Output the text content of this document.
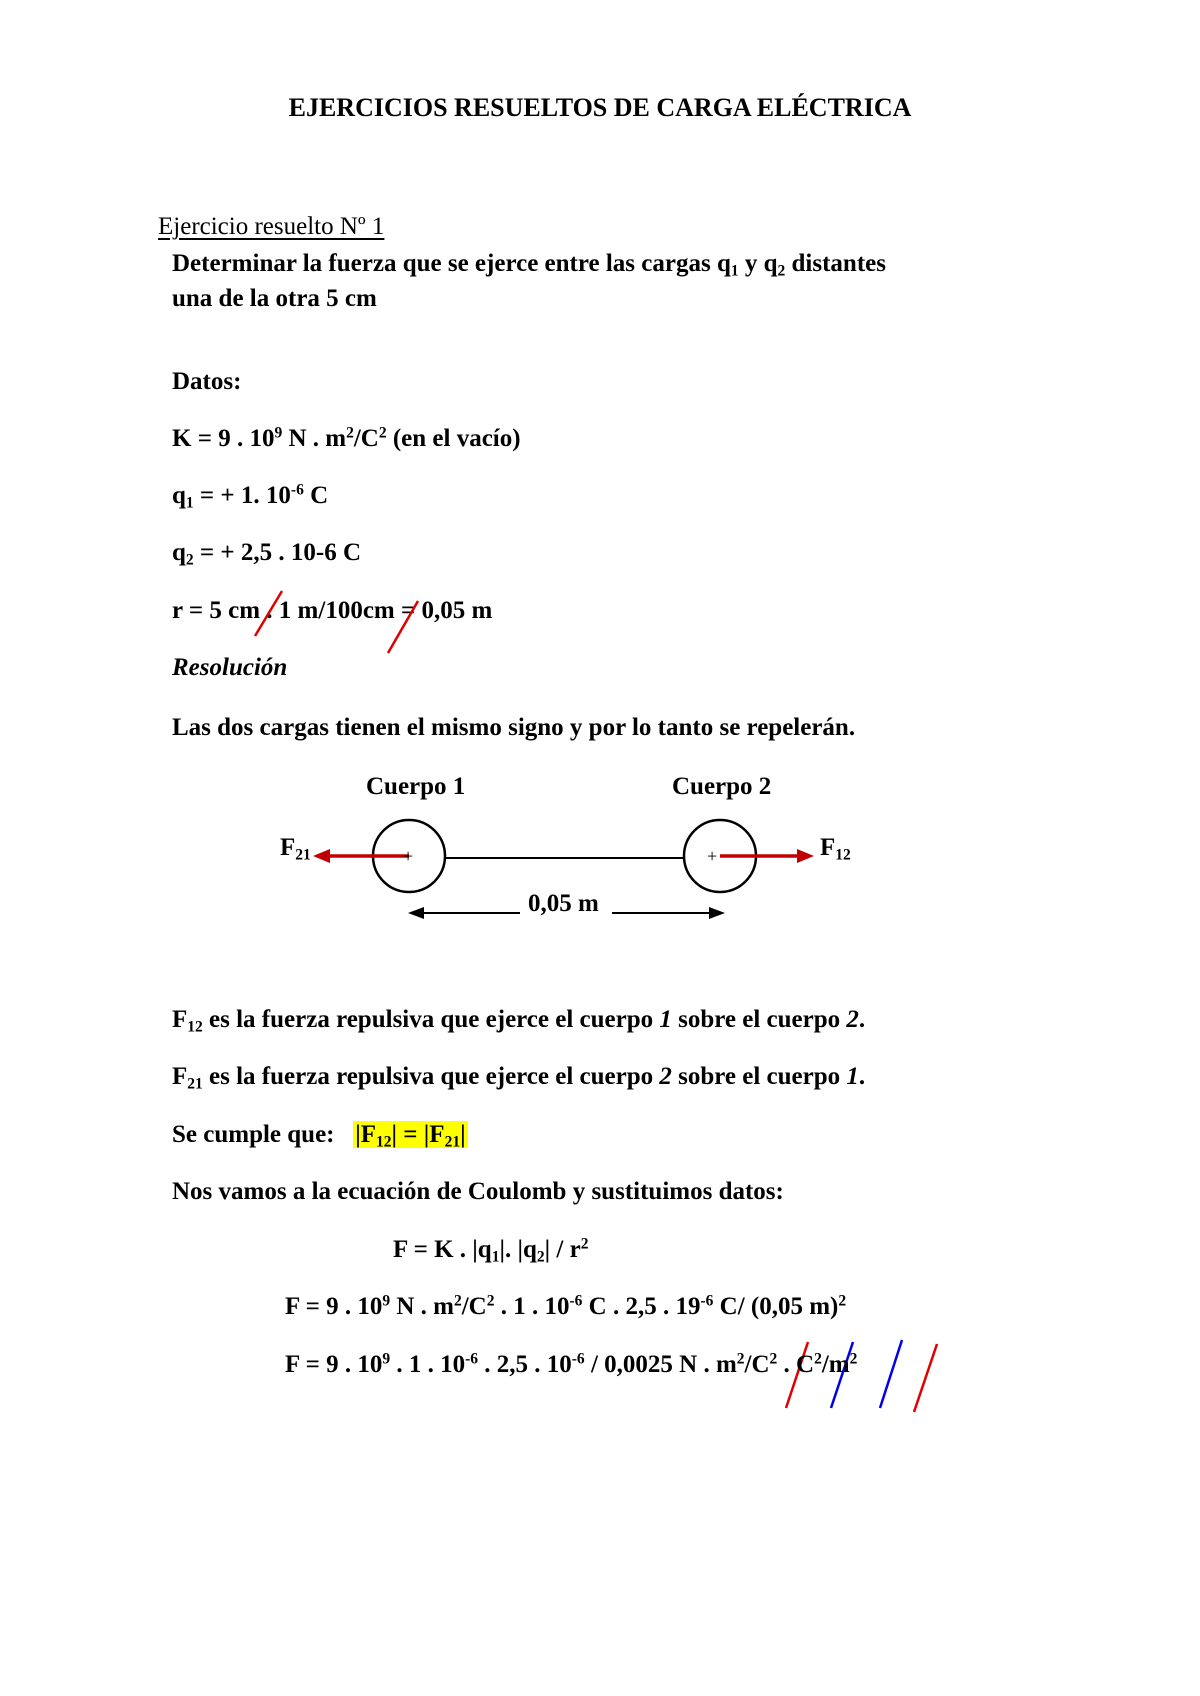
EJERCICIOS RESUELTOS DE CARGA ELÉCTRICA
Ejercicio resuelto Nº 1
Determinar la fuerza que se ejerce entre las cargas $q_1$ y $q_2$ distantes
una de la otra 5 cm
Datos:
K = 9 . $10^9$ N . $m^2/C^2$ (en el vacío)
$q_1$ = + 1. $10^{-6}$ C
$q_2$ = + 2,5 . 10-6 C
r = 5 cm . 1 m/100cm = 0,05 m
Resolución
Las dos cargas tienen el mismo signo y por lo tanto se repelerán.
Cuerpo 1	Cuerpo 2
+	+
$F_{21}$	$F_{12}$
0,05 m
$F_{12}$ es la fuerza repulsiva que ejerce el cuerpo 1 sobre el cuerpo 2.
$F_{21}$ es la fuerza repulsiva que ejerce el cuerpo 2 sobre el cuerpo 1.
Se cumple que: $|F_{12}| = |F_{21}|$
Nos vamos a la ecuación de Coulomb y sustituimos datos:
F = K . $|q_1|$. $|q_2| / r^2$
F = 9 . $10^9$ N . $m^2/C^2$ . 1 . $10^{-6}$ C . 2,5 . $19^{-6}$ C/ (0,05 m)$^2$
F = 9 . $10^9$ . 1 . $10^{-6}$ . 2,5 . $10^{-6} / 0,0025$ N . $m^2/C^2$ . $C^2/m^2$
